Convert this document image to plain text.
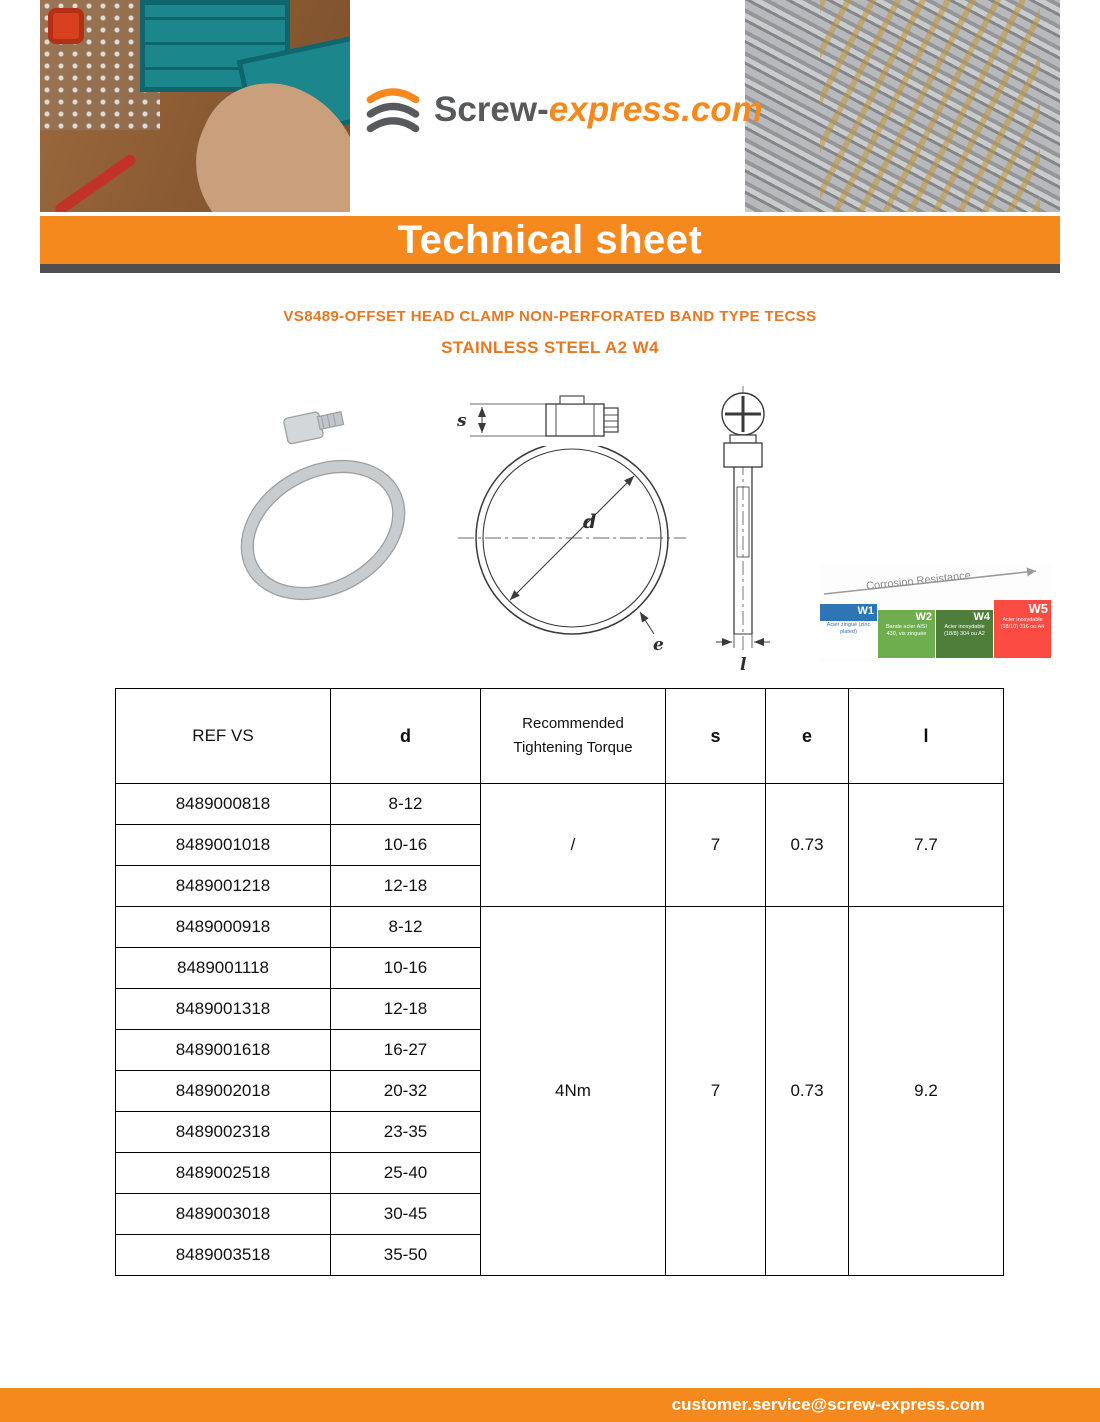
Screw-express.com
Technical sheet
VS8489-OFFSET HEAD CLAMP NON-PERFORATED BAND TYPE TECSS
STAINLESS STEEL A2 W4
s
d
e
l
Corrosion Resistance
W1
Acier zingué (zinc plated)
W2
Bande acier AISI 430, vis zinguée
W4
Acier inoxydable (18/8) 304 ou A2
W5
Acier inoxydable (18/10) 316 ou A4
REF VS	d	Recommended Tightening Torque	s	e	l
8489000818	8-12	/	7	0.73	7.7
8489001018	10-16				
8489001218	12-18				
8489000918	8-12	4Nm	7	0.73	9.2
8489001118	10-16				
8489001318	12-18				
8489001618	16-27				
8489002018	20-32				
8489002318	23-35				
8489002518	25-40				
8489003018	30-45				
8489003518	35-50				
customer.service@screw-express.com
